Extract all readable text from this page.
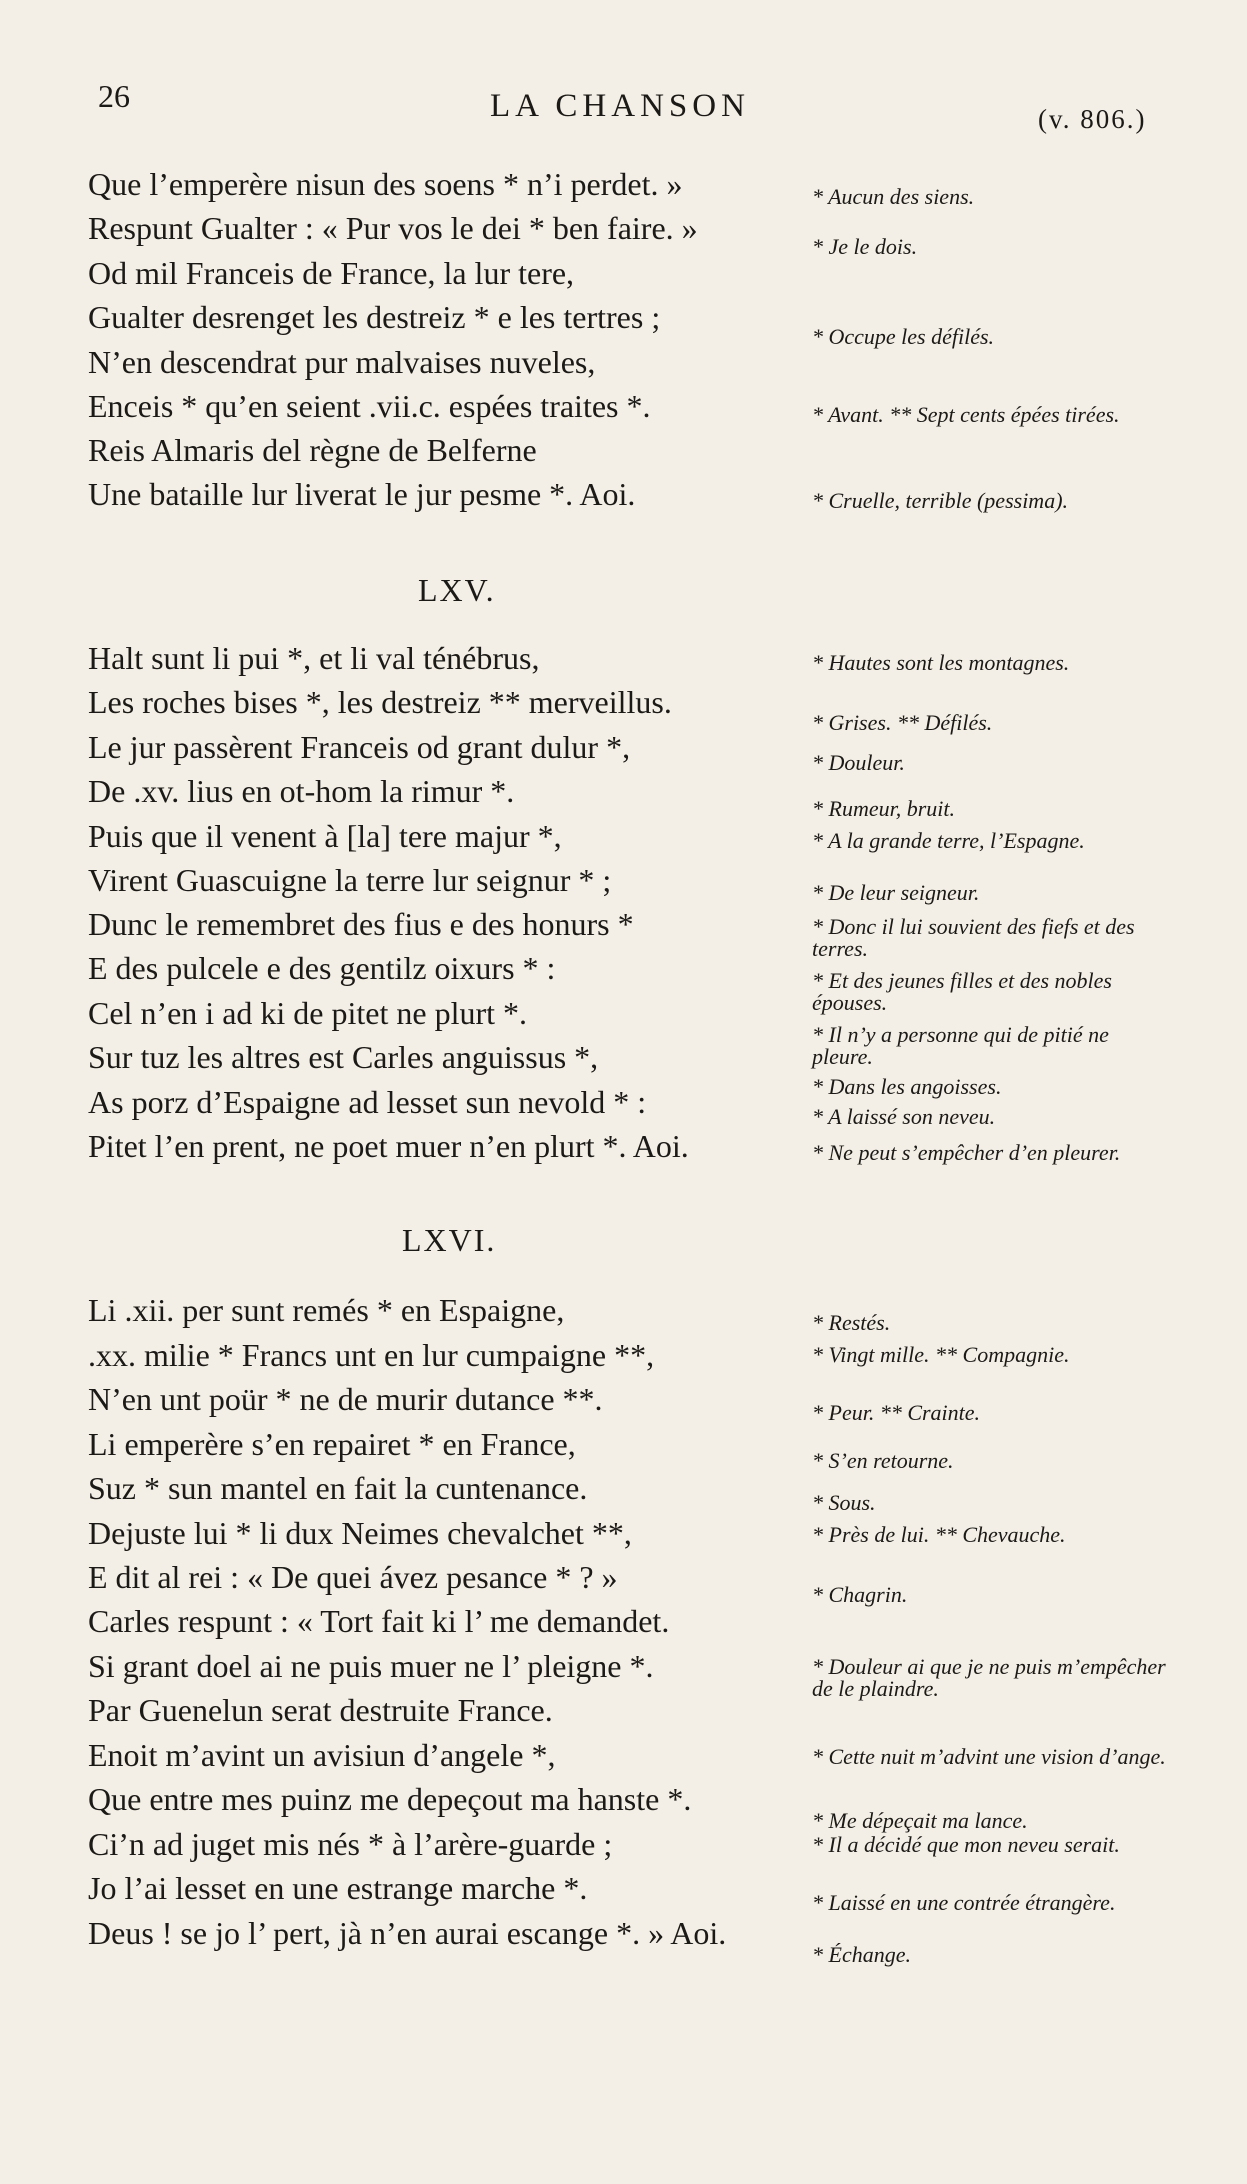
26	LA CHANSON	(v. 806.)
Que l’emperère nisun des soens * n’i perdet. »
Respunt Gualter : « Pur vos le dei * ben faire. »
Od mil Franceis de France, la lur tere,
Gualter desrenget les destreiz * e les tertres ;
N’en descendrat pur malvaises nuveles,
Enceis * qu’en seient .vii.c. espées traites *.
Reis Almaris del règne de Belferne
Une bataille lur liverat le jur pesme *. Aoi.
LXV.
Halt sunt li pui *, et li val ténébrus,
Les roches bises *, les destreiz ** merveillus.
Le jur passèrent Franceis od grant dulur *,
De .xv. lius en ot-hom la rimur *.
Puis que il venent à [la] tere majur *,
Virent Guascuigne la terre lur seignur * ;
Dunc le remembret des fius e des honurs *
E des pulcele e des gentilz oixurs * :
Cel n’en i ad ki de pitet ne plurt *.
Sur tuz les altres est Carles anguissus *,
As porz d’Espaigne ad lesset sun nevold * :
Pitet l’en prent, ne poet muer n’en plurt *. Aoi.
LXVI.
Li .xii. per sunt remés * en Espaigne,
.xx. milie * Francs unt en lur cumpaigne **,
N’en unt poür * ne de murir dutance **.
Li emperère s’en repairet * en France,
Suz * sun mantel en fait la cuntenance.
Dejuste lui * li dux Neimes chevalchet **,
E dit al rei : « De quei ávez pesance * ? »
Carles respunt : « Tort fait ki l’ me demandet.
Si grant doel ai ne puis muer ne l’ pleigne *.
Par Guenelun serat destruite France.
Enoit m’avint un avisiun d’angele *,
Que entre mes puinz me depeçout ma hanste *.
Ci’n ad juget mis nés * à l’arère-guarde ;
Jo l’ai lesset en une estrange marche *.
Deus ! se jo l’ pert, jà n’en aurai escange *. » Aoi.
* Aucun des siens.
* Je le dois.
* Occupe les défilés.
* Avant. ** Sept cents épées tirées.
* Cruelle, terrible (pessima).
* Hautes sont les montagnes.
* Grises. ** Défilés.
* Douleur.
* Rumeur, bruit.
* A la grande terre, l’Espagne.
* De leur seigneur.
* Donc il lui souvient des fiefs et des terres.
* Et des jeunes filles et des nobles épouses.
* Il n’y a personne qui de pitié ne pleure.
* Dans les angoisses.
* A laissé son neveu.
* Ne peut s’empêcher d’en pleurer.
* Restés.
* Vingt mille. ** Compagnie.
* Peur. ** Crainte.
* S’en retourne.
* Sous.
* Près de lui. ** Chevauche.
* Chagrin.
* Douleur ai que je ne puis m’empêcher de le plaindre.
* Cette nuit m’advint une vision d’ange.
* Me dépeçait ma lance.
* Il a décidé que mon neveu serait.
* Laissé en une contrée étrangère.
* Échange.
